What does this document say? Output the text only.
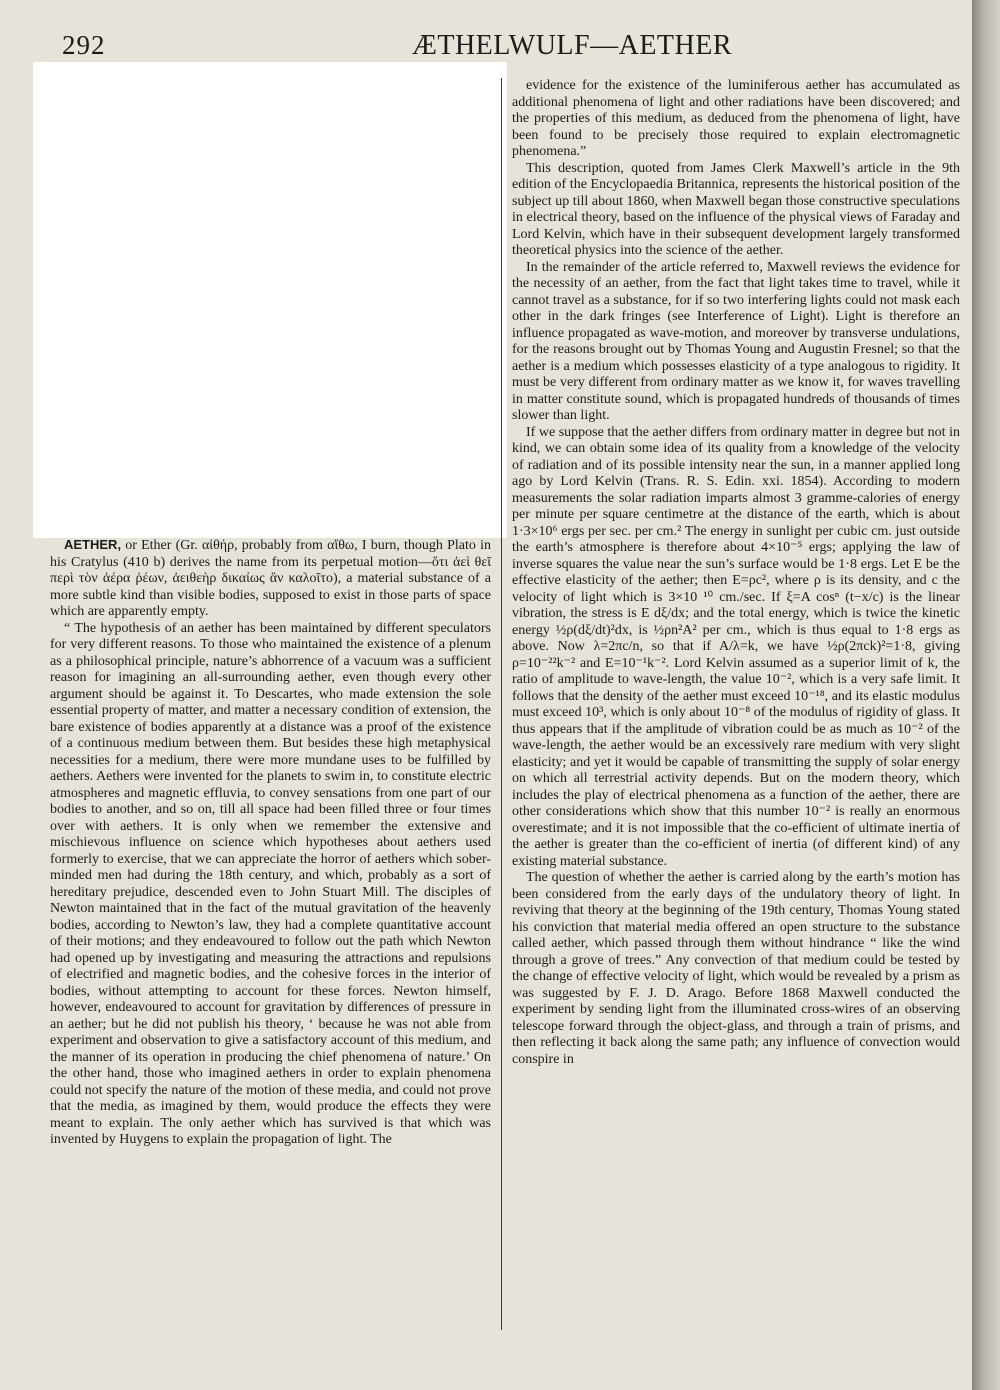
292	ÆTHELWULF—AETHER

AETHER, or Ether (Gr. αἰθήρ, probably from αἴθω, I burn, though Plato in his Cratylus (410 b) derives the name from its perpetual motion—ὅτι ἀεὶ θεῖ περὶ τὸν ἀέρα ῥέων, ἀειθεὴρ δικαίως ἂν καλοῖτο), a material substance of a more subtle kind than visible bodies, supposed to exist in those parts of space which are apparently empty.

“ The hypothesis of an aether has been maintained by different speculators for very different reasons. To those who maintained the existence of a plenum as a philosophical principle, nature’s abhorrence of a vacuum was a sufficient reason for imagining an all-surrounding aether, even though every other argument should be against it. To Descartes, who made extension the sole essential property of matter, and matter a necessary condition of extension, the bare existence of bodies apparently at a distance was a proof of the existence of a continuous medium between them. But besides these high metaphysical necessities for a medium, there were more mundane uses to be fulfilled by aethers. Aethers were invented for the planets to swim in, to constitute electric atmospheres and magnetic effluvia, to convey sensations from one part of our bodies to another, and so on, till all space had been filled three or four times over with aethers. It is only when we remember the extensive and mischievous influence on science which hypotheses about aethers used formerly to exercise, that we can appreciate the horror of aethers which sober-minded men had during the 18th century, and which, probably as a sort of hereditary prejudice, descended even to John Stuart Mill. The disciples of Newton maintained that in the fact of the mutual gravitation of the heavenly bodies, according to Newton’s law, they had a complete quantitative account of their motions; and they endeavoured to follow out the path which Newton had opened up by investigating and measuring the attractions and repulsions of electrified and magnetic bodies, and the cohesive forces in the interior of bodies, without attempting to account for these forces. Newton himself, however, endeavoured to account for gravitation by differences of pressure in an aether; but he did not publish his theory, ‘ because he was not able from experiment and observation to give a satisfactory account of this medium, and the manner of its operation in producing the chief phenomena of nature.’ On the other hand, those who imagined aethers in order to explain phenomena could not specify the nature of the motion of these media, and could not prove that the media, as imagined by them, would produce the effects they were meant to explain. The only aether which has survived is that which was invented by Huygens to explain the propagation of light. The

evidence for the existence of the luminiferous aether has accumulated as additional phenomena of light and other radiations have been discovered; and the properties of this medium, as deduced from the phenomena of light, have been found to be precisely those required to explain electromagnetic phenomena.”

This description, quoted from James Clerk Maxwell’s article in the 9th edition of the Encyclopaedia Britannica, represents the historical position of the subject up till about 1860, when Maxwell began those constructive speculations in electrical theory, based on the influence of the physical views of Faraday and Lord Kelvin, which have in their subsequent development largely transformed theoretical physics into the science of the aether.

In the remainder of the article referred to, Maxwell reviews the evidence for the necessity of an aether, from the fact that light takes time to travel, while it cannot travel as a substance, for if so two interfering lights could not mask each other in the dark fringes (see Interference of Light). Light is therefore an influence propagated as wave-motion, and moreover by transverse undulations, for the reasons brought out by Thomas Young and Augustin Fresnel; so that the aether is a medium which possesses elasticity of a type analogous to rigidity. It must be very different from ordinary matter as we know it, for waves travelling in matter constitute sound, which is propagated hundreds of thousands of times slower than light.

If we suppose that the aether differs from ordinary matter in degree but not in kind, we can obtain some idea of its quality from a knowledge of the velocity of radiation and of its possible intensity near the sun, in a manner applied long ago by Lord Kelvin (Trans. R. S. Edin. xxi. 1854). According to modern measurements the solar radiation imparts almost 3 gramme-calories of energy per minute per square centimetre at the distance of the earth, which is about 1·3×10⁶ ergs per sec. per cm.² The energy in sunlight per cubic cm. just outside the earth’s atmosphere is therefore about 4×10⁻⁵ ergs; applying the law of inverse squares the value near the sun’s surface would be 1·8 ergs. Let E be the effective elasticity of the aether; then E=ρc², where ρ is its density, and c the velocity of light which is 3×10 ¹⁰ cm./sec. If ξ=A cosⁿ (t−x/c) is the linear vibration, the stress is E dξ/dx; and the total energy, which is twice the kinetic energy ½ρ(dξ/dt)²dx, is ½ρn²A² per cm., which is thus equal to 1·8 ergs as above. Now λ=2πc/n, so that if A/λ=k, we have ½ρ(2πck)²=1·8, giving ρ=10⁻²²k⁻² and E=10⁻¹k⁻². Lord Kelvin assumed as a superior limit of k, the ratio of amplitude to wave-length, the value 10⁻², which is a very safe limit. It follows that the density of the aether must exceed 10⁻¹⁸, and its elastic modulus must exceed 10³, which is only about 10⁻⁸ of the modulus of rigidity of glass. It thus appears that if the amplitude of vibration could be as much as 10⁻² of the wave-length, the aether would be an excessively rare medium with very slight elasticity; and yet it would be capable of transmitting the supply of solar energy on which all terrestrial activity depends. But on the modern theory, which includes the play of electrical phenomena as a function of the aether, there are other considerations which show that this number 10⁻² is really an enormous overestimate; and it is not impossible that the co-efficient of ultimate inertia of the aether is greater than the co-efficient of inertia (of different kind) of any existing material substance.

The question of whether the aether is carried along by the earth’s motion has been considered from the early days of the undulatory theory of light. In reviving that theory at the beginning of the 19th century, Thomas Young stated his conviction that material media offered an open structure to the substance called aether, which passed through them without hindrance “ like the wind through a grove of trees.” Any convection of that medium could be tested by the change of effective velocity of light, which would be revealed by a prism as was suggested by F. J. D. Arago. Before 1868 Maxwell conducted the experiment by sending light from the illuminated cross-wires of an observing telescope forward through the object-glass, and through a train of prisms, and then reflecting it back along the same path; any influence of convection would conspire in
